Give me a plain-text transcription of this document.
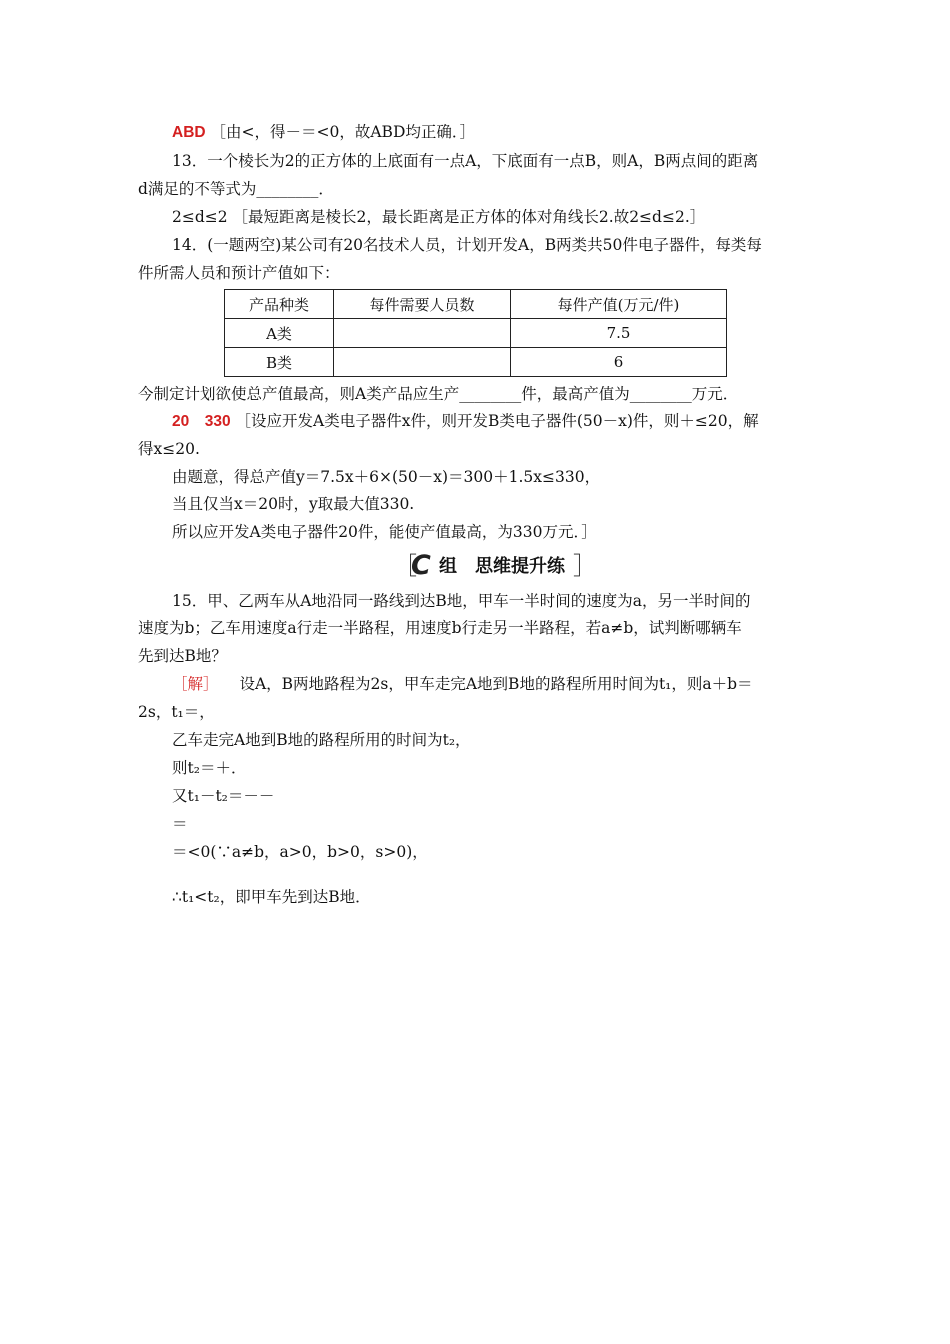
ABD ［由<，得－＝<0，故ABD均正确．］
13．一个棱长为2的正方体的上底面有一点A，下底面有一点B，则A，B两点间的距离
d满足的不等式为________．
2≤d≤2 ［最短距离是棱长2，最长距离是正方体的体对角线长2.故2≤d≤2.］
14．(一题两空)某公司有20名技术人员，计划开发A，B两类共50件电子器件，每类每
件所需人员和预计产值如下：
产品种类	每件需要人员数	每件产值(万元/件)
A类		7.5
B类		6
今制定计划欲使总产值最高，则A类产品应生产________件，最高产值为________万元．
20　330 ［设应开发A类电子器件x件，则开发B类电子器件(50－x)件，则＋≤20，解
得x≤20.
由题意，得总产值y＝7.5x＋6×(50－x)＝300＋1.5x≤330，
当且仅当x＝20时，y取最大值330.
所以应开发A类电子器件20件，能使产值最高，为330万元．］
［
C 组　思维提升练 ］
15．甲、乙两车从A地沿同一路线到达B地，甲车一半时间的速度为a，另一半时间的
速度为b；乙车用速度a行走一半路程，用速度b行走另一半路程，若a≠b，试判断哪辆车
先到达B地？
［解］ 设A，B两地路程为2s，甲车走完A地到B地的路程所用时间为t₁，则a＋b＝
2s，t₁＝，
乙车走完A地到B地的路程所用的时间为t₂，
则t₂＝＋．
又t₁－t₂＝－－
＝
＝<0(∵a≠b，a>0，b>0，s>0)，
∴t₁<t₂，即甲车先到达B地．
